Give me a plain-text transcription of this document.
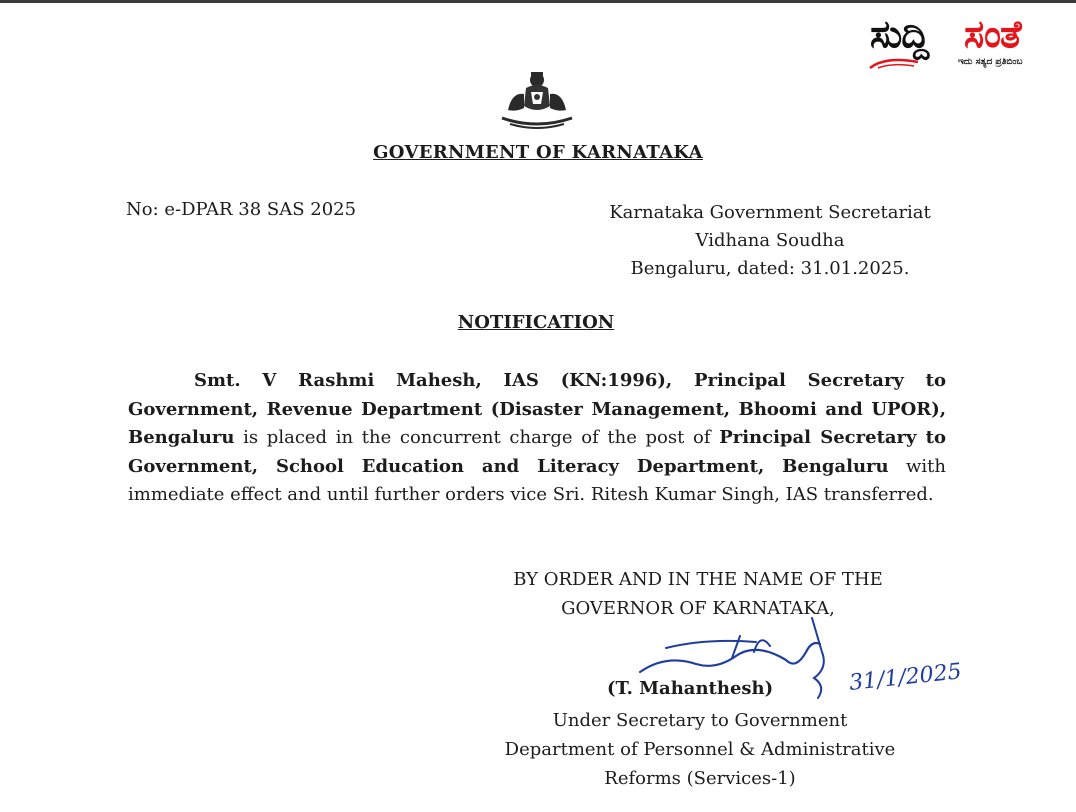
ಸುದ್ದಿ ಸಂತೆ
ಇದು ಸತ್ಯದ ಪ್ರತಿಬಿಂಬ
GOVERNMENT OF KARNATAKA
No: e-DPAR 38 SAS 2025	Karnataka Government Secretariat
Vidhana Soudha
Bengaluru, dated: 31.01.2025.
NOTIFICATION
Smt. V Rashmi Mahesh, IAS (KN:1996), Principal Secretary to Government, Revenue Department (Disaster Management, Bhoomi and UPOR), Bengaluru is placed in the concurrent charge of the post of Principal Secretary to Government, School Education and Literacy Department, Bengaluru with immediate effect and until further orders vice Sri. Ritesh Kumar Singh, IAS transferred.
BY ORDER AND IN THE NAME OF THE
GOVERNOR OF KARNATAKA,
31/1/2025
(T. Mahanthesh)
Under Secretary to Government
Department of Personnel & Administrative
Reforms (Services-1)
